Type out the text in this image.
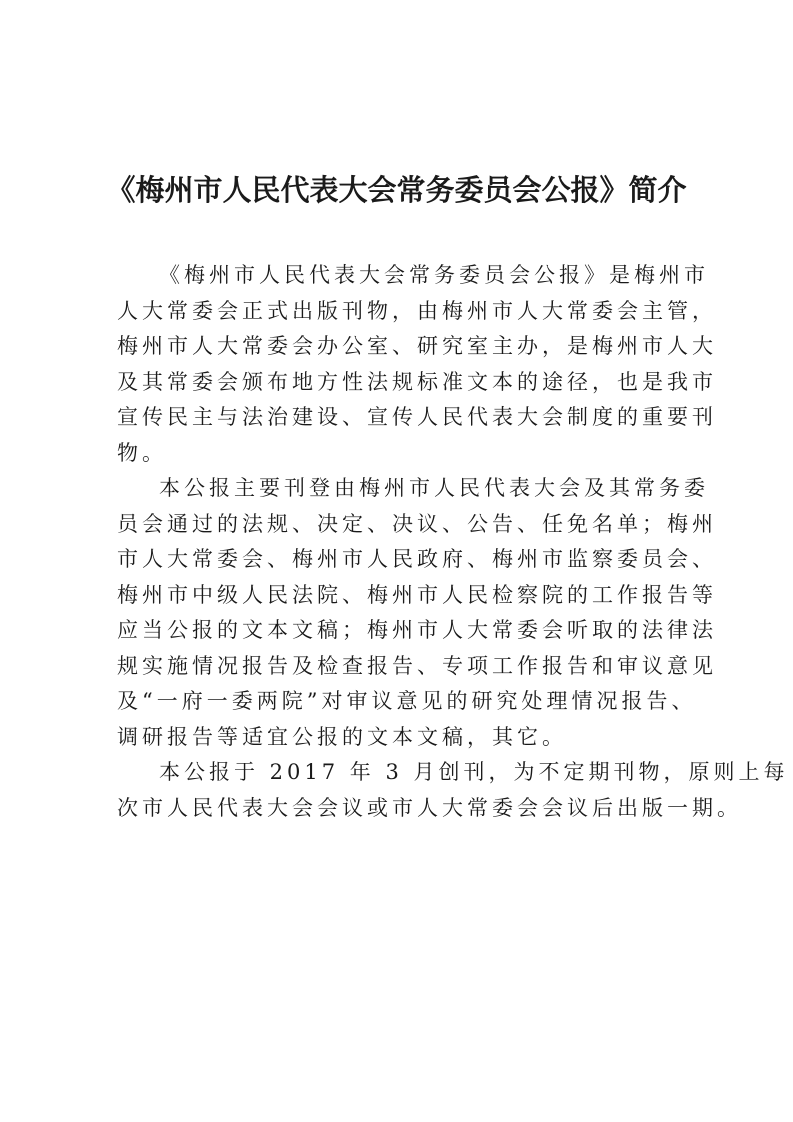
《梅州市人民代表大会常务委员会公报》简介
《梅州市人民代表大会常务委员会公报》是梅州市
人大常委会正式出版刊物，由梅州市人大常委会主管，
梅州市人大常委会办公室、研究室主办，是梅州市人大
及其常委会颁布地方性法规标准文本的途径，也是我市
宣传民主与法治建设、宣传人民代表大会制度的重要刊
物。
本公报主要刊登由梅州市人民代表大会及其常务委
员会通过的法规、决定、决议、公告、任免名单；梅州
市人大常委会、梅州市人民政府、梅州市监察委员会、
梅州市中级人民法院、梅州市人民检察院的工作报告等
应当公报的文本文稿；梅州市人大常委会听取的法律法
规实施情况报告及检查报告、专项工作报告和审议意见
及“一府一委两院”对审议意见的研究处理情况报告、
调研报告等适宜公报的文本文稿，其它。
本公报于 2017 年 3 月创刊，为不定期刊物，原则上每
次市人民代表大会会议或市人大常委会会议后出版一期。
